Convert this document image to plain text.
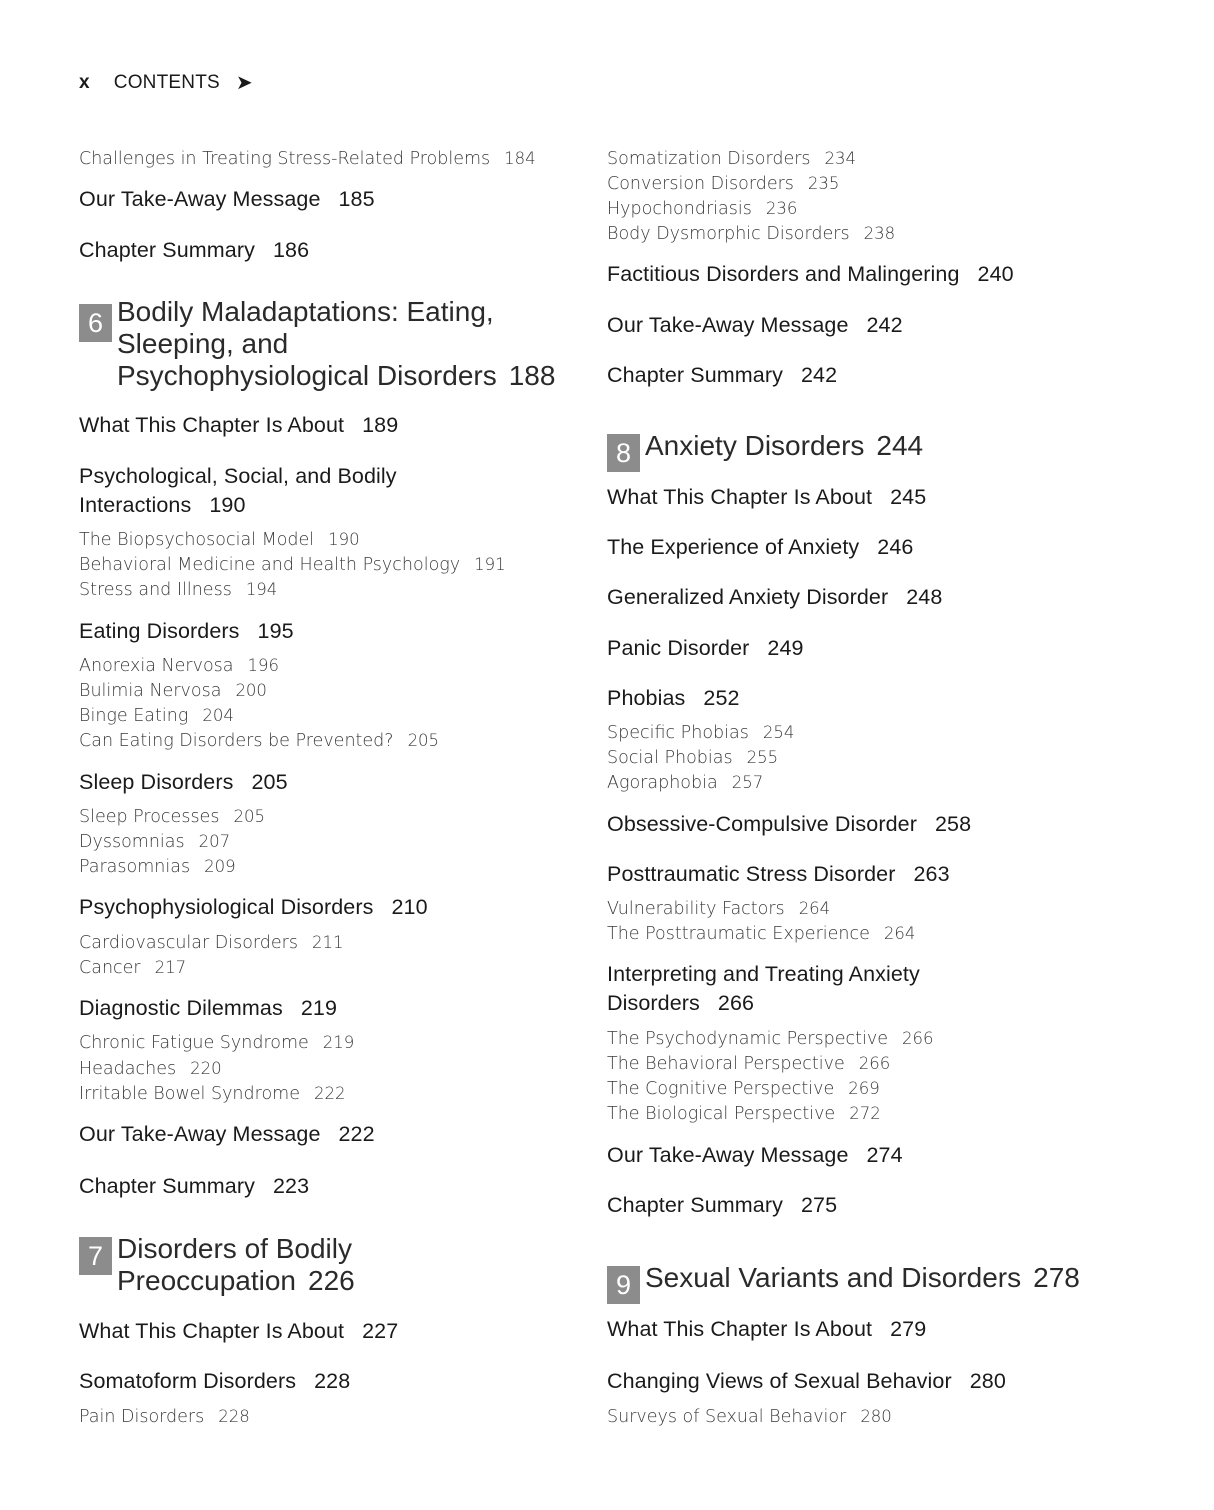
x CONTENTS ➤
Challenges in Treating Stress-Related Problems 184
Our Take-Away Message 185
Chapter Summary 186
6 Bodily Maladaptations: Eating,
Sleeping, and
Psychophysiological Disorders 188
What This Chapter Is About 189
Psychological, Social, and Bodily
Interactions 190
The Biopsychosocial Model 190
Behavioral Medicine and Health Psychology 191
Stress and Illness 194
Eating Disorders 195
Anorexia Nervosa 196
Bulimia Nervosa 200
Binge Eating 204
Can Eating Disorders be Prevented? 205
Sleep Disorders 205
Sleep Processes 205
Dyssomnias 207
Parasomnias 209
Psychophysiological Disorders 210
Cardiovascular Disorders 211
Cancer 217
Diagnostic Dilemmas 219
Chronic Fatigue Syndrome 219
Headaches 220
Irritable Bowel Syndrome 222
Our Take-Away Message 222
Chapter Summary 223
7 Disorders of Bodily
Preoccupation 226
What This Chapter Is About 227
Somatoform Disorders 228
Pain Disorders 228
Somatization Disorders 234
Conversion Disorders 235
Hypochondriasis 236
Body Dysmorphic Disorders 238
Factitious Disorders and Malingering 240
Our Take-Away Message 242
Chapter Summary 242
8 Anxiety Disorders 244
What This Chapter Is About 245
The Experience of Anxiety 246
Generalized Anxiety Disorder 248
Panic Disorder 249
Phobias 252
Specific Phobias 254
Social Phobias 255
Agoraphobia 257
Obsessive-Compulsive Disorder 258
Posttraumatic Stress Disorder 263
Vulnerability Factors 264
The Posttraumatic Experience 264
Interpreting and Treating Anxiety
Disorders 266
The Psychodynamic Perspective 266
The Behavioral Perspective 266
The Cognitive Perspective 269
The Biological Perspective 272
Our Take-Away Message 274
Chapter Summary 275
9 Sexual Variants and Disorders 278
What This Chapter Is About 279
Changing Views of Sexual Behavior 280
Surveys of Sexual Behavior 280
